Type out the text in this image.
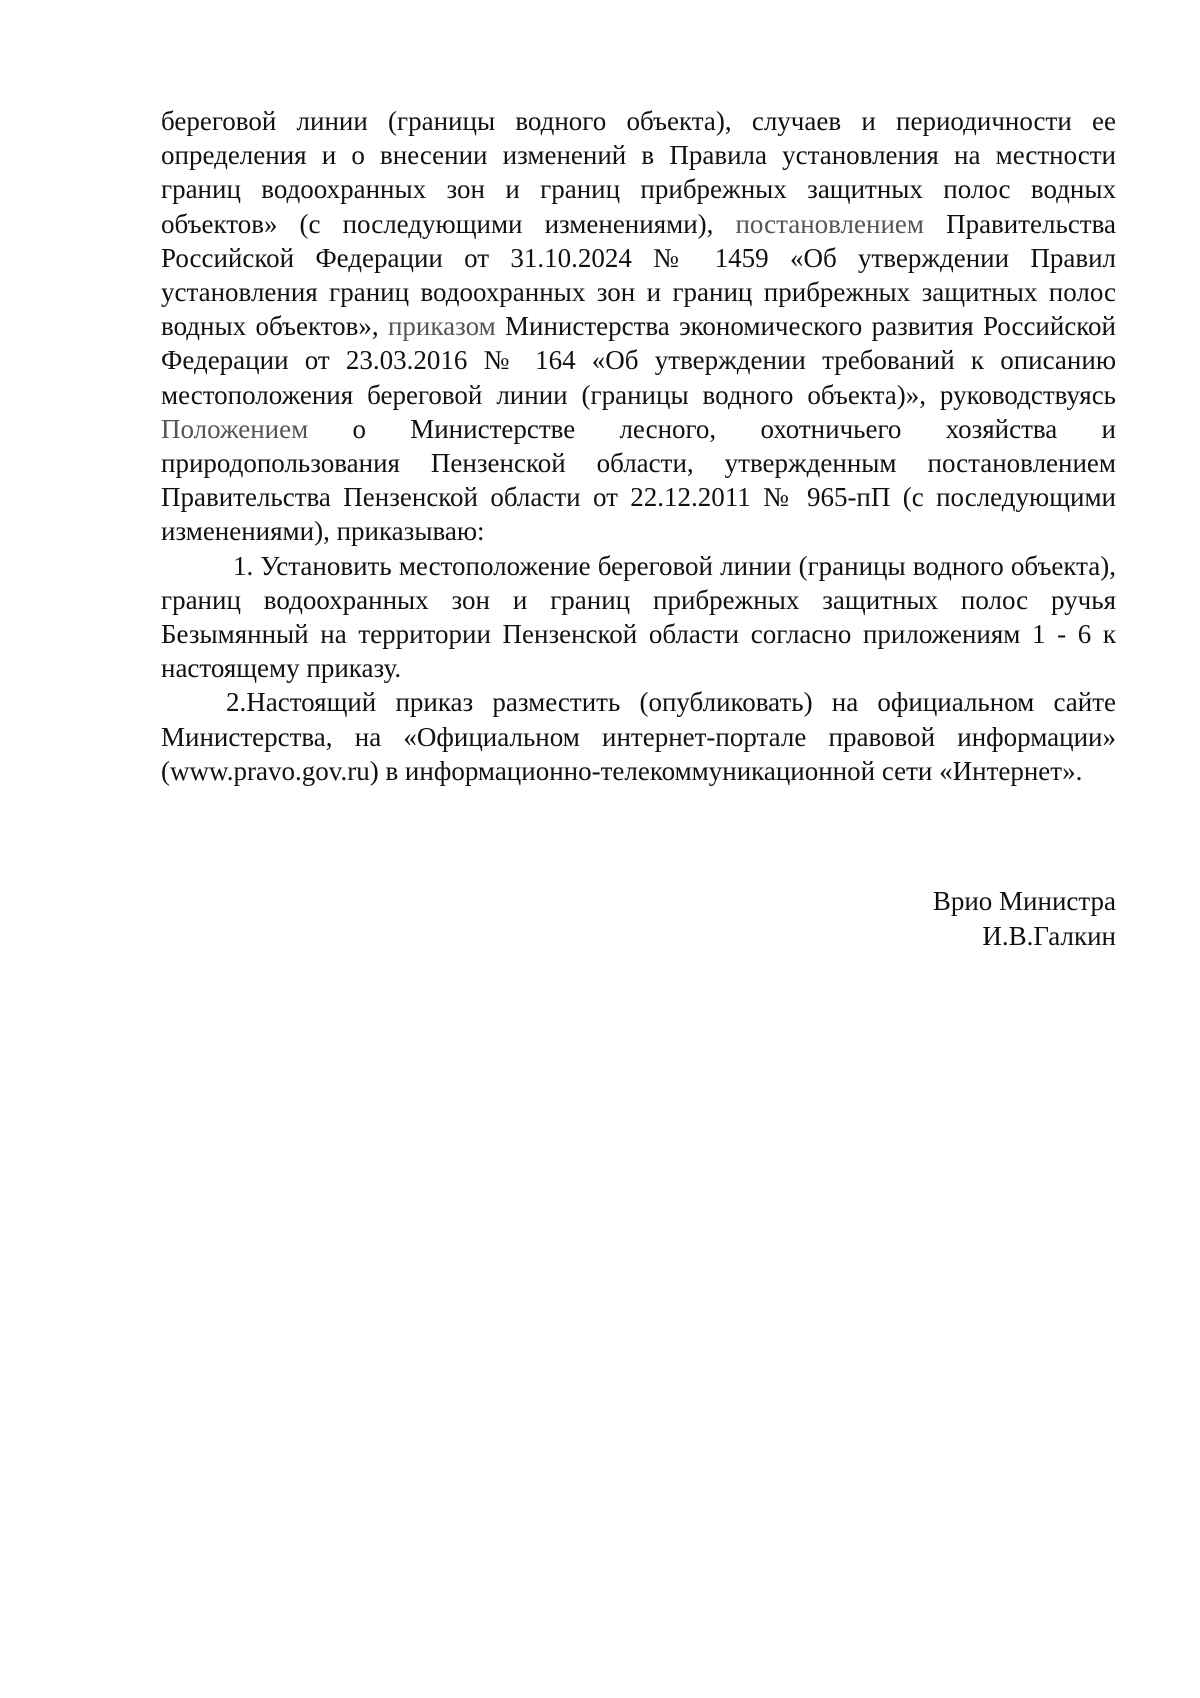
береговой линии (границы водного объекта), случаев и периодичности ее определения и о внесении изменений в Правила установления на местности границ водоохранных зон и границ прибрежных защитных полос водных объектов» (с последующими изменениями), постановлением Правительства Российской Федерации от 31.10.2024 № 1459 «Об утверждении Правил установления границ водоохранных зон и границ прибрежных защитных полос водных объектов», приказом Министерства экономического развития Российской Федерации от 23.03.2016 № 164 «Об утверждении требований к описанию местоположения береговой линии (границы водного объекта)», руководствуясь Положением о Министерстве лесного, охотничьего хозяйства и природопользования Пензенской области, утвержденным постановлением Правительства Пензенской области от 22.12.2011 № 965-пП (с последующими изменениями), приказываю:

1. Установить местоположение береговой линии (границы водного объекта), границ водоохранных зон и границ прибрежных защитных полос ручья Безымянный на территории Пензенской области согласно приложениям 1 - 6 к настоящему приказу.

2.Настоящий приказ разместить (опубликовать) на официальном сайте Министерства, на «Официальном интернет-портале правовой информации» (www.pravo.gov.ru) в информационно-телекоммуникационной сети «Интернет».

Врио Министра
И.В.Галкин
